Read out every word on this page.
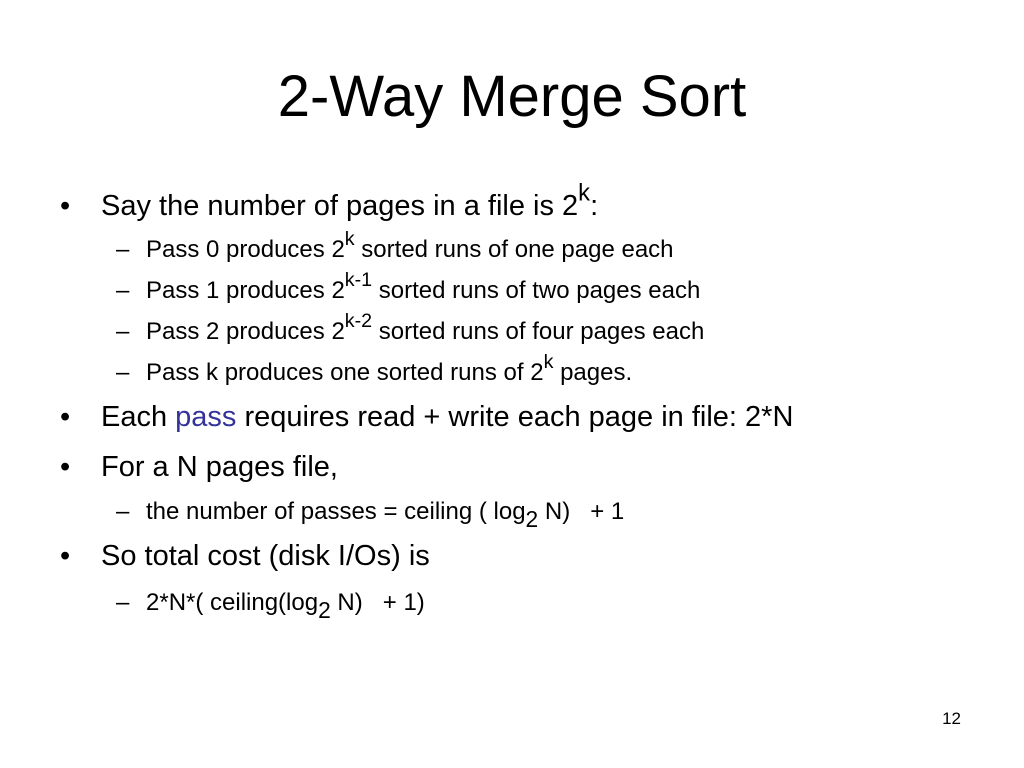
2-Way Merge Sort
• Say the number of pages in a file is 2$^k$:
– Pass 0 produces 2$^k$ sorted runs of one page each
– Pass 1 produces 2$^{k-1}$ sorted runs of two pages each
– Pass 2 produces 2$^{k-2}$ sorted runs of four pages each
– Pass k produces one sorted runs of 2$^k$ pages.
• Each pass requires read + write each page in file: 2*N
• For a N pages file,
– the number of passes = ceiling ( $\log_2 N) + 1$
• So total cost (disk I/Os) is
– 2*N*( $ceiling(\log_2$ N)   + 1)
12
